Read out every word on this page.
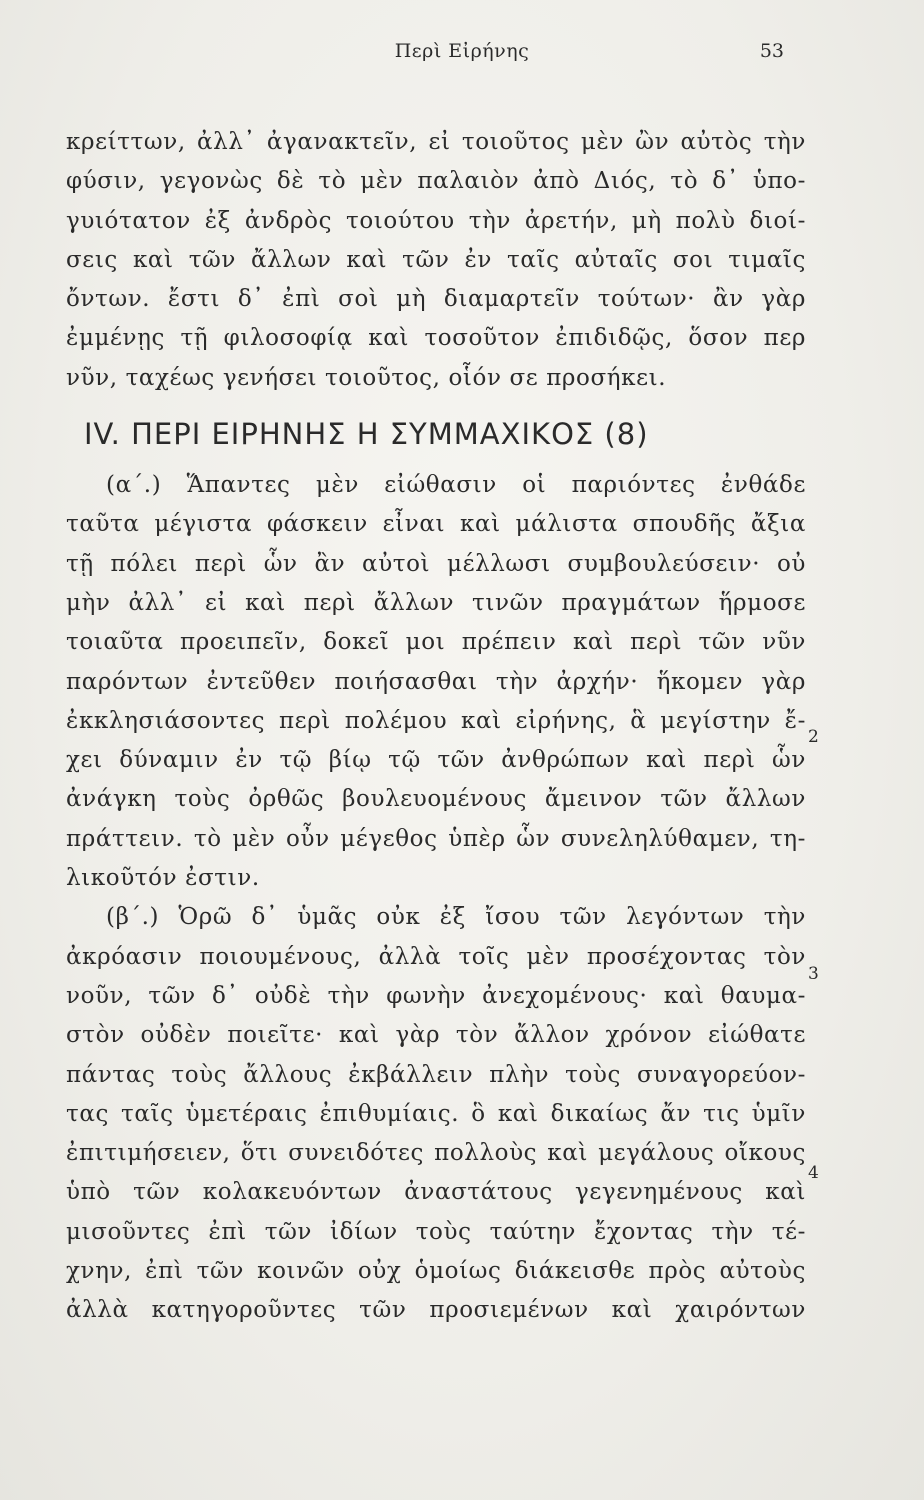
Περὶ Εἰρήνης	53
κρείττων, ἀλλ᾽ ἀγανακτεῖν, εἰ τοιοῦτος μὲν ὢν αὐτὸς τὴν
φύσιν, γεγονὼς δὲ τὸ μὲν παλαιὸν ἀπὸ Διός, τὸ δ᾽ ὑπο-
γυιότατον ἐξ ἀνδρὸς τοιούτου τὴν ἀρετήν, μὴ πολὺ διοί-
σεις καὶ τῶν ἄλλων καὶ τῶν ἐν ταῖς αὐταῖς σοι τιμαῖς
ὄντων. ἔστι δ᾽ ἐπὶ σοὶ μὴ διαμαρτεῖν τούτων· ἂν γὰρ
ἐμμένῃς τῇ φιλοσοφίᾳ καὶ τοσοῦτον ἐπιδιδῷς, ὅσον περ
νῦν, ταχέως γενήσει τοιοῦτος, οἷόν σε προσήκει.
IV. ΠΕΡΙ ΕΙΡΗΝΗΣ Η ΣΥΜΜΑΧΙΚΟΣ (8)
(α΄.) Ἅπαντες μὲν εἰώθασιν οἱ παριόντες ἐνθάδε
ταῦτα μέγιστα φάσκειν εἶναι καὶ μάλιστα σπουδῆς ἄξια
τῇ πόλει περὶ ὧν ἂν αὐτοὶ μέλλωσι συμβουλεύσειν· οὐ
μὴν ἀλλ᾽ εἰ καὶ περὶ ἄλλων τινῶν πραγμάτων ἥρμοσε
τοιαῦτα προειπεῖν, δοκεῖ μοι πρέπειν καὶ περὶ τῶν νῦν
παρόντων ἐντεῦθεν ποιήσασθαι τὴν ἀρχήν· ἥκομεν γὰρ
ἐκκλησιάσοντες περὶ πολέμου καὶ εἰρήνης, ἃ μεγίστην ἔ-
χει δύναμιν ἐν τῷ βίῳ τῷ τῶν ἀνθρώπων καὶ περὶ ὧν
ἀνάγκη τοὺς ὀρθῶς βουλευομένους ἄμεινον τῶν ἄλλων
πράττειν. τὸ μὲν οὖν μέγεθος ὑπὲρ ὧν συνεληλύθαμεν, τη-
λικοῦτόν ἐστιν.
(β΄.) Ὁρῶ δ᾽ ὑμᾶς οὐκ ἐξ ἴσου τῶν λεγόντων τὴν
ἀκρόασιν ποιουμένους, ἀλλὰ τοῖς μὲν προσέχοντας τὸν
νοῦν, τῶν δ᾽ οὐδὲ τὴν φωνὴν ἀνεχομένους· καὶ θαυμα-
στὸν οὐδὲν ποιεῖτε· καὶ γὰρ τὸν ἄλλον χρόνον εἰώθατε
πάντας τοὺς ἄλλους ἐκβάλλειν πλὴν τοὺς συναγορεύον-
τας ταῖς ὑμετέραις ἐπιθυμίαις. ὃ καὶ δικαίως ἄν τις ὑμῖν
ἐπιτιμήσειεν, ὅτι συνειδότες πολλοὺς καὶ μεγάλους οἴκους
ὑπὸ τῶν κολακευόντων ἀναστάτους γεγενημένους καὶ
μισοῦντες ἐπὶ τῶν ἰδίων τοὺς ταύτην ἔχοντας τὴν τέ-
χνην, ἐπὶ τῶν κοινῶν οὐχ ὁμοίως διάκεισθε πρὸς αὐτοὺς
ἀλλὰ κατηγοροῦντες τῶν προσιεμένων καὶ χαιρόντων
2
3
4
